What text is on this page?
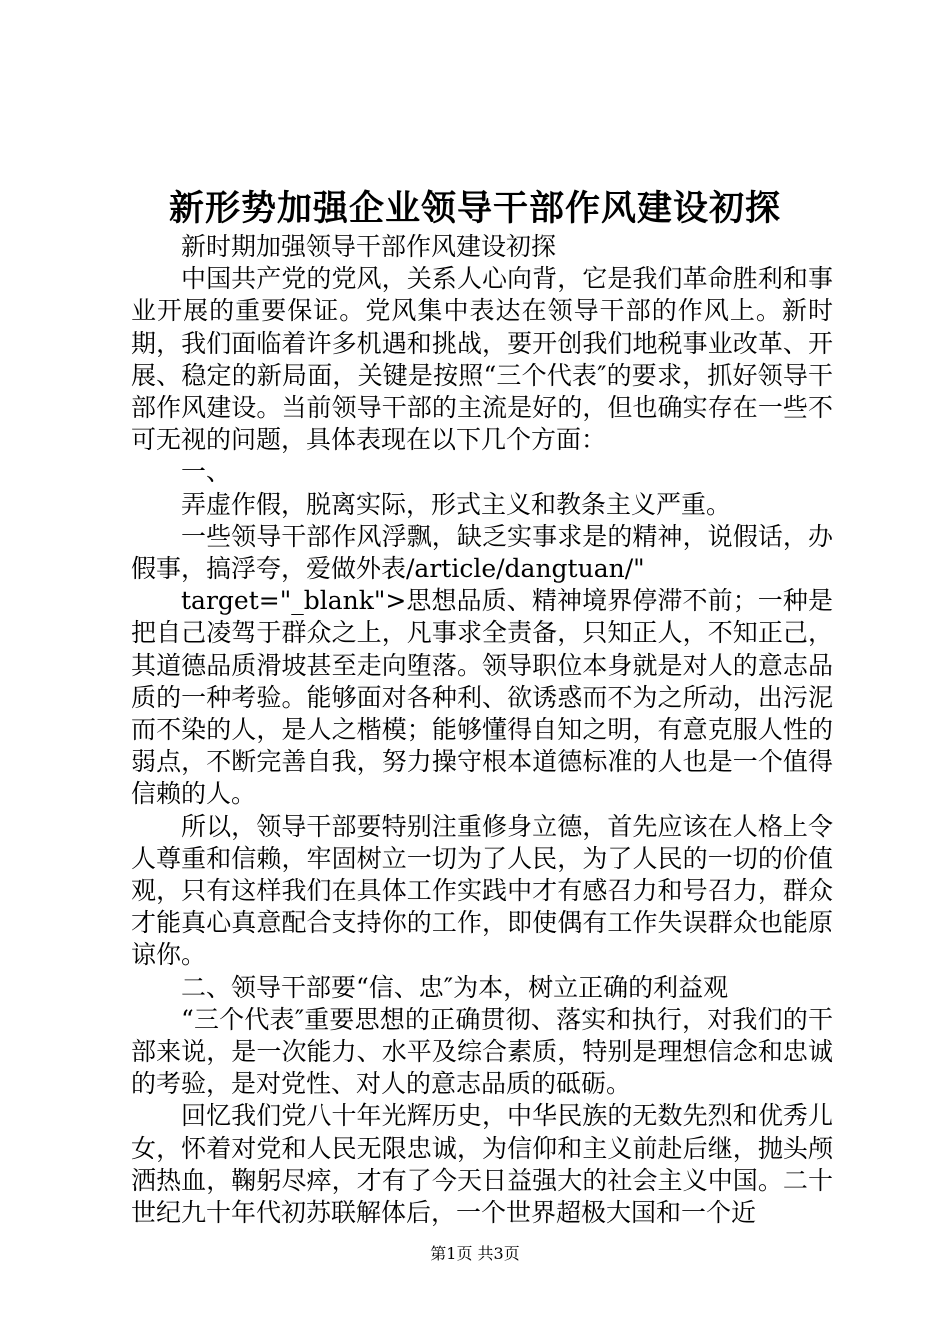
新形势加强企业领导干部作风建设初探

新时期加强领导干部作风建设初探

中国共产党的党风，关系人心向背，它是我们革命胜利和事业开展的重要保证。党风集中表达在领导干部的作风上。新时期，我们面临着许多机遇和挑战，要开创我们地税事业改革、开展、稳定的新局面，关键是按照“三个代表″的要求，抓好领导干部作风建设。当前领导干部的主流是好的，但也确实存在一些不可无视的问题，具体表现在以下几个方面：

一、

弄虚作假，脱离实际，形式主义和教条主义严重。

一些领导干部作风浮飘，缺乏实事求是的精神，说假话，办假事，搞浮夸，爱做外表/article/dangtuan/"

target="_blank">思想品质、精神境界停滞不前；一种是把自己凌驾于群众之上，凡事求全责备，只知正人，不知正己，其道德品质滑坡甚至走向堕落。领导职位本身就是对人的意志品质的一种考验。能够面对各种利、欲诱惑而不为之所动，出污泥而不染的人，是人之楷模；能够懂得自知之明，有意克服人性的弱点，不断完善自我，努力操守根本道德标准的人也是一个值得信赖的人。

所以，领导干部要特别注重修身立德，首先应该在人格上令人尊重和信赖，牢固树立一切为了人民，为了人民的一切的价值观，只有这样我们在具体工作实践中才有感召力和号召力，群众才能真心真意配合支持你的工作，即使偶有工作失误群众也能原谅你。

二、领导干部要“信、忠″为本，树立正确的利益观

“三个代表″重要思想的正确贯彻、落实和执行，对我们的干部来说，是一次能力、水平及综合素质，特别是理想信念和忠诚的考验，是对党性、对人的意志品质的砥砺。

回忆我们党八十年光辉历史，中华民族的无数先烈和优秀儿女，怀着对党和人民无限忠诚，为信仰和主义前赴后继，抛头颅洒热血，鞠躬尽瘁，才有了今天日益强大的社会主义中国。二十世纪九十年代初苏联解体后，一个世界超极大国和一个近

第1页 共3页
